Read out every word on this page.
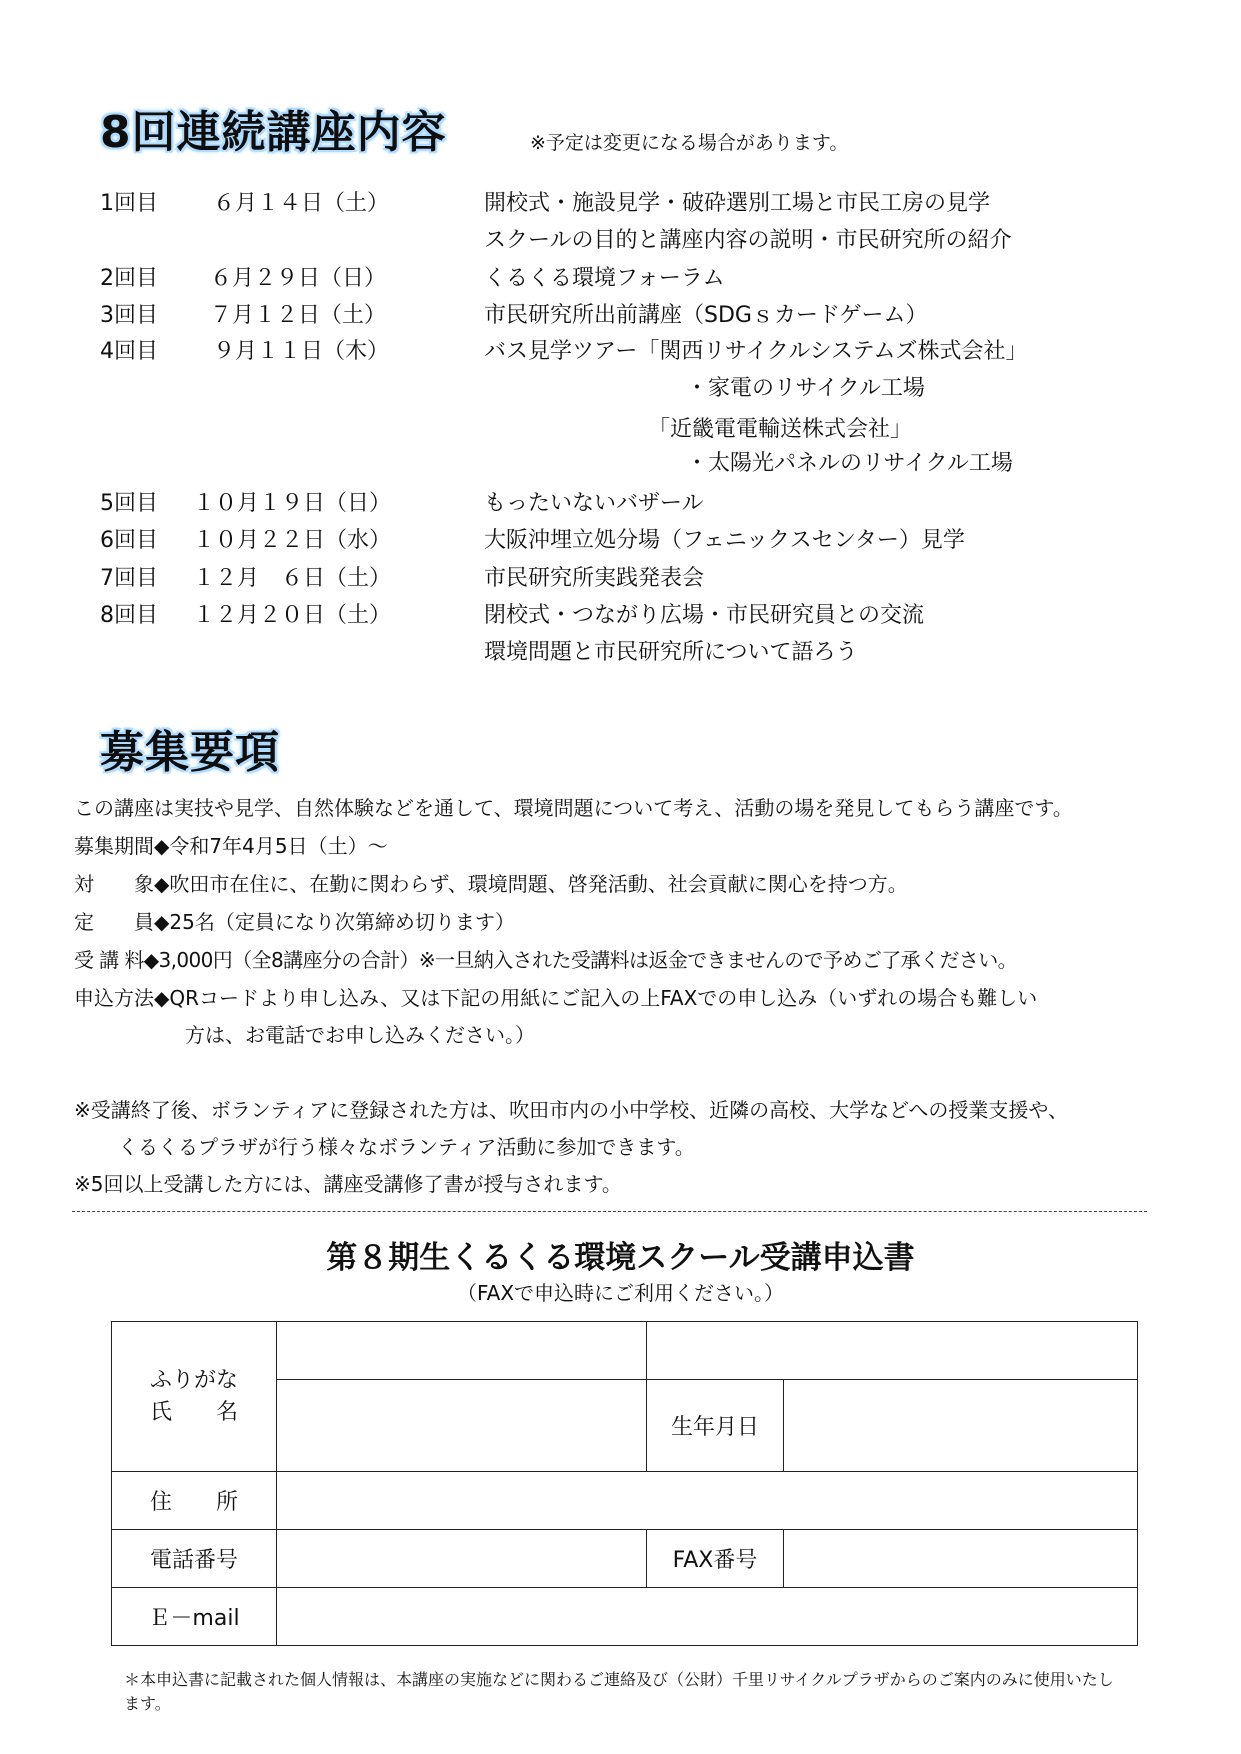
8回連続講座内容	※予定は変更になる場合があります。
1回目	６月１４日（土）	開校式・施設見学・破砕選別工場と市民工房の見学
スクールの目的と講座内容の説明・市民研究所の紹介
2回目 ６月２９日（日）	くるくる環境フォーラム
3回目 ７月１２日（土）	市民研究所出前講座（SDGｓカードゲーム）
4回目	９月１１日（木）	バス見学ツアー「関西リサイクルシステムズ株式会社」
・家電のリサイクル工場
「近畿電電輸送株式会社」
・太陽光パネルのリサイクル工場
5回目 １０月１９日（日）	もったいないバザール
6回目 １０月２２日（水）	大阪沖埋立処分場（フェニックスセンター）見学
7回目 １２月　６日（土）	市民研究所実践発表会
8回目 １２月２０日（土）	閉校式・つながり広場・市民研究員との交流
環境問題と市民研究所について語ろう
募集要項
この講座は実技や見学、自然体験などを通して、環境問題について考え、活動の場を発見してもらう講座です。
募集期間◆令和7年4月5日（土）～
対　　象◆吹田市在住に、在勤に関わらず、環境問題、啓発活動、社会貢献に関心を持つ方。
定　　員◆25名（定員になり次第締め切ります）
受 講 料◆3,000円（全8講座分の合計）※一旦納入された受講料は返金できませんので予めご了承ください。
申込方法◆QRコードより申し込み、又は下記の用紙にご記入の上FAXでの申し込み（いずれの場合も難しい
方は、お電話でお申し込みください。）
※受講終了後、ボランティアに登録された方は、吹田市内の小中学校、近隣の高校、大学などへの授業支援や、
くるくるプラザが行う様々なボランティア活動に参加できます。
※5回以上受講した方には、講座受講修了書が授与されます。
第８期生くるくる環境スクール受講申込書
（FAXで申込時にご利用ください。）
ふりがな
氏　　名			

		生年月日	
住　　所			
電話番号		FAX番号	
Ｅ－mail			
＊本申込書に記載された個人情報は、本講座の実施などに関わるご連絡及び（公財）千里リサイクルプラザからのご案内のみに使用いたします。
